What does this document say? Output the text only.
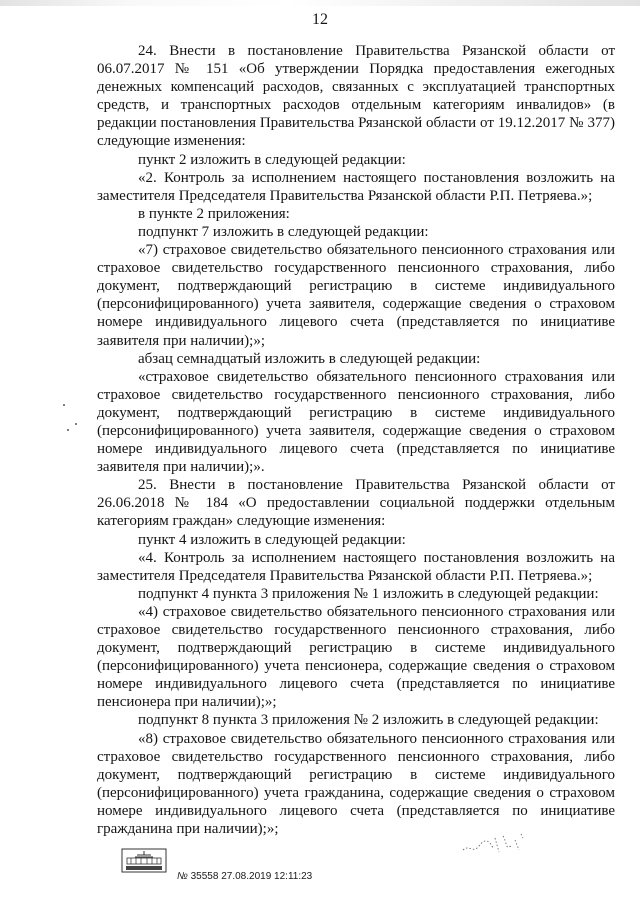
12

24. Внести в постановление Правительства Рязанской области от 06.07.2017 № 151 «Об утверждении Порядка предоставления ежегодных денежных компенсаций расходов, связанных с эксплуатацией транспортных средств, и транспортных расходов отдельным категориям инвалидов» (в редакции постановления Правительства Рязанской области от 19.12.2017 № 377) следующие изменения:

пункт 2 изложить в следующей редакции:

«2. Контроль за исполнением настоящего постановления возложить на заместителя Председателя Правительства Рязанской области Р.П. Петряева.»;

в пункте 2 приложения:

подпункт 7 изложить в следующей редакции:

«7) страховое свидетельство обязательного пенсионного страхования или страховое свидетельство государственного пенсионного страхования, либо документ, подтверждающий регистрацию в системе индивидуального (персонифицированного) учета заявителя, содержащие сведения о страховом номере индивидуального лицевого счета (представляется по инициативе заявителя при наличии);»;

абзац семнадцатый изложить в следующей редакции:

«страховое свидетельство обязательного пенсионного страхования или страховое свидетельство государственного пенсионного страхования, либо документ, подтверждающий регистрацию в системе индивидуального (персонифицированного) учета заявителя, содержащие сведения о страховом номере индивидуального лицевого счета (представляется по инициативе заявителя при наличии);».

25. Внести в постановление Правительства Рязанской области от 26.06.2018 № 184 «О предоставлении социальной поддержки отдельным категориям граждан» следующие изменения:

пункт 4 изложить в следующей редакции:

«4. Контроль за исполнением настоящего постановления возложить на заместителя Председателя Правительства Рязанской области Р.П. Петряева.»;

подпункт 4 пункта 3 приложения № 1 изложить в следующей редакции:

«4) страховое свидетельство обязательного пенсионного страхования или страховое свидетельство государственного пенсионного страхования, либо документ, подтверждающий регистрацию в системе индивидуального (персонифицированного) учета пенсионера, содержащие сведения о страховом номере индивидуального лицевого счета (представляется по инициативе пенсионера при наличии);»;

подпункт 8 пункта 3 приложения № 2 изложить в следующей редакции:

«8) страховое свидетельство обязательного пенсионного страхования или страховое свидетельство государственного пенсионного страхования, либо документ, подтверждающий регистрацию в системе индивидуального (персонифицированного) учета гражданина, содержащие сведения о страховом номере индивидуального лицевого счета (представляется по инициативе гражданина при наличии);»;

№ 35558 27.08.2019 12:11:23
